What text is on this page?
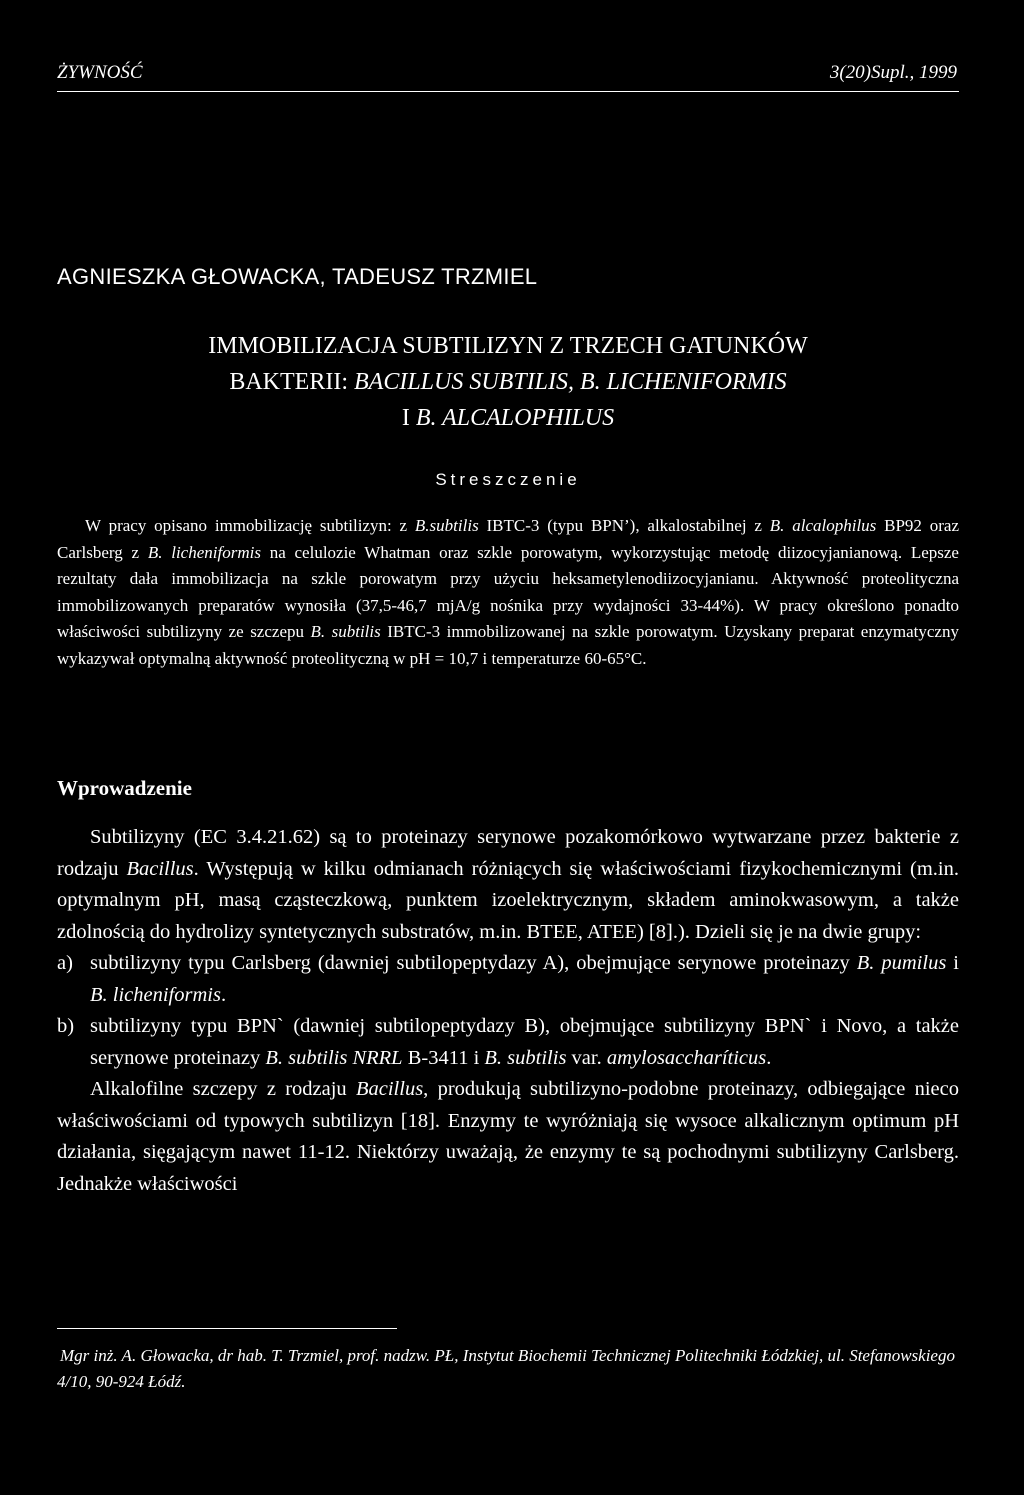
ŻYWNOŚĆ	3(20)Supl., 1999
AGNIESZKA GŁOWACKA, TADEUSZ TRZMIEL
IMMOBILIZACJA SUBTILIZYN Z TRZECH GATUNKÓW
BAKTERII: BACILLUS SUBTILIS, B. LICHENIFORMIS
I B. ALCALOPHILUS
Streszczenie

W pracy opisano immobilizację subtilizyn: z B.subtilis IBTC-3 (typu BPN’), alkalostabilnej z B. alcalophilus BP92 oraz Carlsberg z B. licheniformis na celulozie Whatman oraz szkle porowatym, wykorzystując metodę diizocyjanianową. Lepsze rezultaty dała immobilizacja na szkle porowatym przy użyciu heksametylenodiizocyjanianu. Aktywność proteolityczna immobilizowanych preparatów wynosiła (37,5-46,7 mjA/g nośnika przy wydajności 33-44%). W pracy określono ponadto właściwości subtilizyny ze szczepu B. subtilis IBTC-3 immobilizowanej na szkle porowatym. Uzyskany preparat enzymatyczny wykazywał optymalną aktywność proteolityczną w pH = 10,7 i temperaturze 60-65°C.

Wprowadzenie

Subtilizyny (EC 3.4.21.62) są to proteinazy serynowe pozakomórkowo wytwarzane przez bakterie z rodzaju Bacillus. Występują w kilku odmianach różniących się właściwościami fizykochemicznymi (m.in. optymalnym pH, masą cząsteczkową, punktem izoelektrycznym, składem aminokwasowym, a także zdolnością do hydrolizy syntetycznych substratów, m.in. BTEE, ATEE) [8].). Dzieli się je na dwie grupy:

a) subtilizyny typu Carlsberg (dawniej subtilopeptydazy A), obejmujące serynowe proteinazy B. pumilus i B. licheniformis.
b) subtilizyny typu BPN` (dawniej subtilopeptydazy B), obejmujące subtilizyny BPN` i Novo, a także serynowe proteinazy B. subtilis NRRL B-3411 i B. subtilis var. amylosaccharíticus.

Alkalofilne szczepy z rodzaju Bacillus, produkują subtilizyno-podobne proteinazy, odbiegające nieco właściwościami od typowych subtilizyn [18]. Enzymy te wyróżniają się wysoce alkalicznym optimum pH działania, sięgającym nawet 11-12. Niektórzy uważają, że enzymy te są pochodnymi subtilizyny Carlsberg. Jednakże właściwości

Mgr inż. A. Głowacka, dr hab. T. Trzmiel, prof. nadzw. PŁ, Instytut Biochemii Technicznej Politechniki Łódzkiej, ul. Stefanowskiego 4/10, 90-924 Łódź.
